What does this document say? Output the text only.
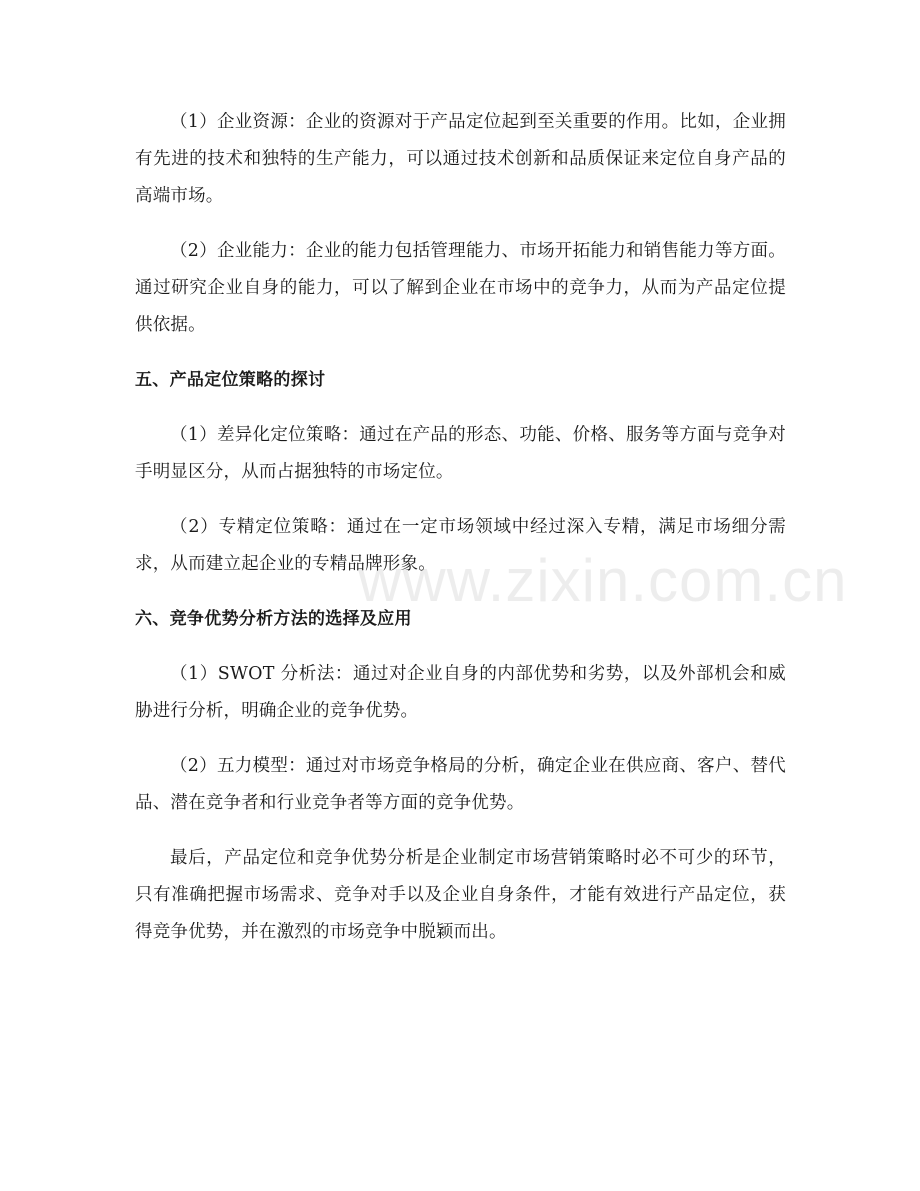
www.zixin.com.cn

（1）企业资源：企业的资源对于产品定位起到至关重要的作用。比如，企业拥有先进的技术和独特的生产能力，可以通过技术创新和品质保证来定位自身产品的高端市场。

（2）企业能力：企业的能力包括管理能力、市场开拓能力和销售能力等方面。通过研究企业自身的能力，可以了解到企业在市场中的竞争力，从而为产品定位提供依据。

五、产品定位策略的探讨

（1）差异化定位策略：通过在产品的形态、功能、价格、服务等方面与竞争对手明显区分，从而占据独特的市场定位。

（2）专精定位策略：通过在一定市场领域中经过深入专精，满足市场细分需求，从而建立起企业的专精品牌形象。

六、竞争优势分析方法的选择及应用

（1）SWOT 分析法：通过对企业自身的内部优势和劣势，以及外部机会和威胁进行分析，明确企业的竞争优势。

（2）五力模型：通过对市场竞争格局的分析，确定企业在供应商、客户、替代品、潜在竞争者和行业竞争者等方面的竞争优势。

最后，产品定位和竞争优势分析是企业制定市场营销策略时必不可少的环节，只有准确把握市场需求、竞争对手以及企业自身条件，才能有效进行产品定位，获得竞争优势，并在激烈的市场竞争中脱颖而出。
